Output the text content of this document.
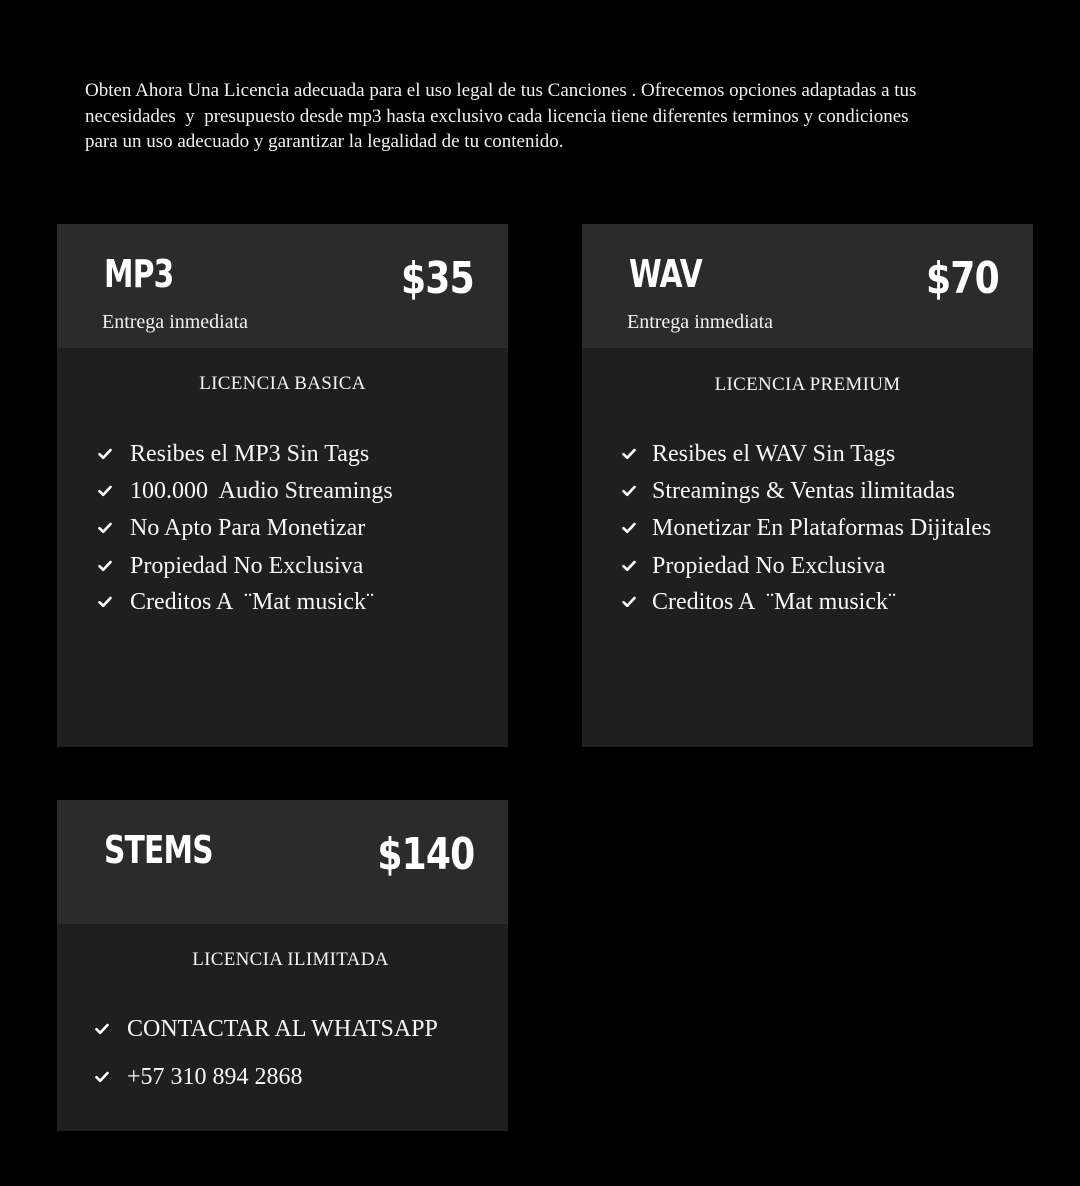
Obten Ahora Una Licencia adecuada para el uso legal de tus Canciones . Ofrecemos opciones adaptadas a tus
necesidades  y  presupuesto desde mp3 hasta exclusivo cada licencia tiene diferentes terminos y condiciones
para un uso adecuado y garantizar la legalidad de tu contenido.

MP3	$35
Entrega inmediata
LICENCIA BASICA
Resibes el MP3 Sin Tags
100.000  Audio Streamings
No Apto Para Monetizar
Propiedad No Exclusiva
Creditos A  ¨Mat musick¨
WAV	$70
Entrega inmediata
LICENCIA PREMIUM
Resibes el WAV Sin Tags
Streamings & Ventas ilimitadas
Monetizar En Plataformas Dijitales
Propiedad No Exclusiva
Creditos A  ¨Mat musick¨
STEMS	$140
LICENCIA ILIMITADA
CONTACTAR AL WHATSAPP
+57 310 894 2868
